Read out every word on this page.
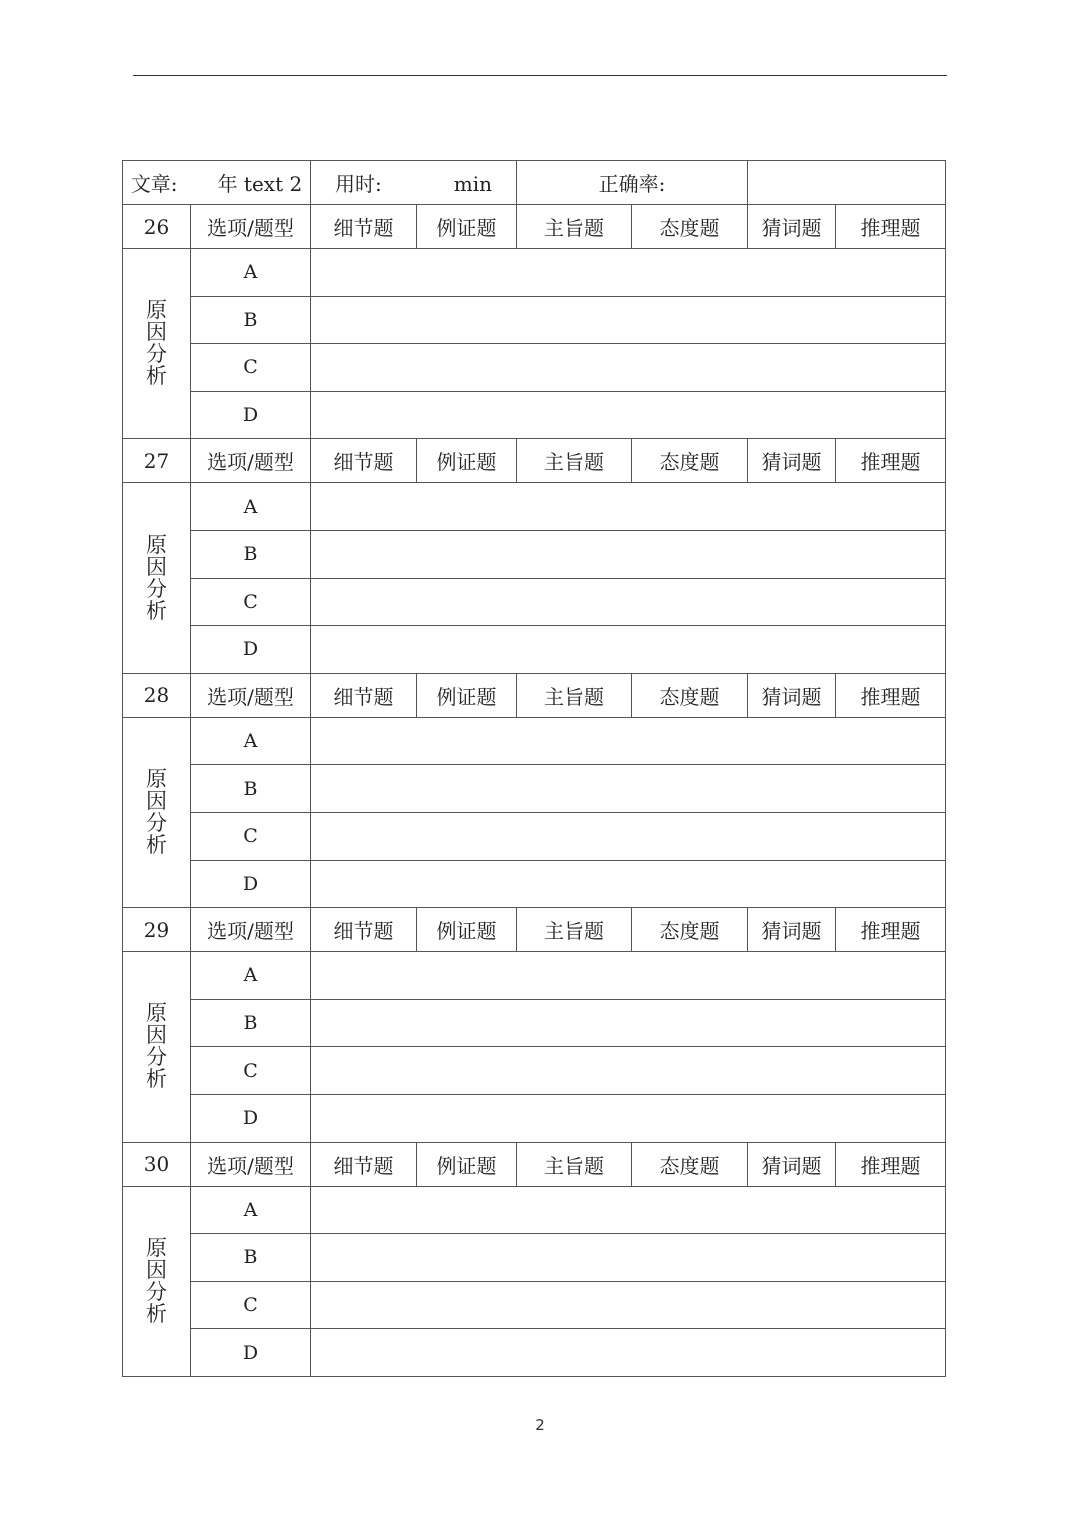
文章: 年 text 2		用时: min		正确率:			
26	选项/题型	细节题	例证题	主旨题	态度题	猜词题	推理题
原因分析	A						
	B						
	C						
	D						
27	选项/题型	细节题	例证题	主旨题	态度题	猜词题	推理题
原因分析	A						
	B						
	C						
	D						
28	选项/题型	细节题	例证题	主旨题	态度题	猜词题	推理题
原因分析	A						
	B						
	C						
	D						
29	选项/题型	细节题	例证题	主旨题	态度题	猜词题	推理题
原因分析	A						
	B						
	C						
	D						
30	选项/题型	细节题	例证题	主旨题	态度题	猜词题	推理题
原因分析	A						
	B						
	C						
	D						
2
